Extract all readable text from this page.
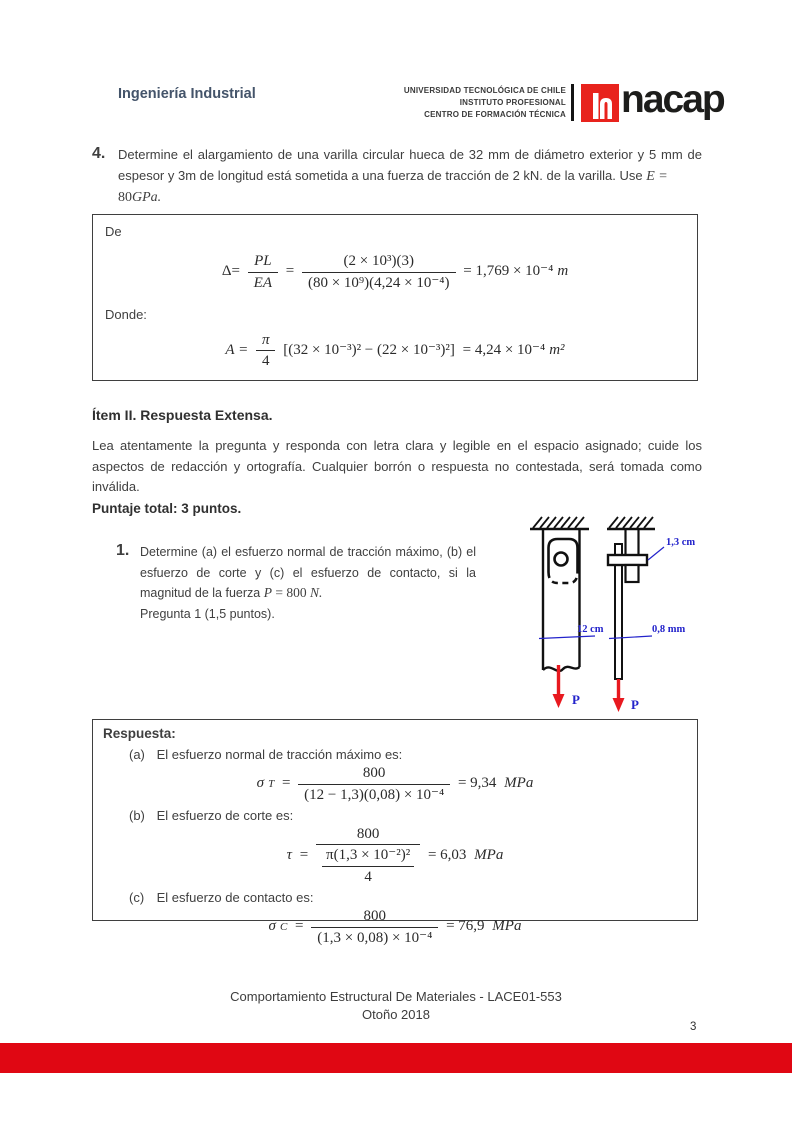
Ingeniería Industrial	UNIVERSIDAD TECNOLÓGICA DE CHILE
INSTITUTO PROFESIONAL
CENTRO DE FORMACIÓN TÉCNICA nacap
4. Determine el alargamiento de una varilla circular hueca de 32 mm de diámetro exterior y 5 mm de espesor y 3m de longitud está sometida a una fuerza de tracción de 2 kN. de la varilla. Use E =
80GPa.
De
$\Delta= \frac{PL}{EA} = \frac{\text{(2 × 10³)(3)}}{\text{(80 × 10⁹)(4,24 × 10⁻⁴)}} = 1,769 \times 10^{-4}$ m
Donde:
$A = \frac{\pi}{4} [(32 \times 10^{-3})^2 - (22 \times 10^{-3})^2] = 4,24 \times 10^{-4}$ m²
Ítem II. Respuesta Extensa.
Lea atentamente la pregunta y responda con letra clara y legible en el espacio asignado; cuide los aspectos de redacción y ortografía. Cualquier borrón o respuesta no contestada, será tomada como inválida.
Puntaje total: 3 puntos.
1. Determine (a) el esfuerzo normal de tracción máximo, (b) el esfuerzo de corte y (c) el esfuerzo de contacto, si la magnitud de la fuerza P = 800 N.
Pregunta 1 (1,5 puntos).
12 cm	0,8 mm
1,3 cm
P	P
Respuesta:
(a) El esfuerzo normal de tracción máximo es:
σ $T = \frac{800}{\text{(12 − 1,3)(0,08) × 10⁻⁴}} = 9,34$ MPa
(b) El esfuerzo de corte es:
$\tau = \frac{800}{\frac{\text{π(1,3 × 10⁻²)²}}{4}} = 6,03$ MPa
(c) El esfuerzo de contacto es:
σ $C = \frac{800}{\text{(1,3 × 0,08) × 10⁻⁴}} = 76,9$ MPa
Comportamiento Estructural De Materiales - LACE01-553
Otoño 2018
3
